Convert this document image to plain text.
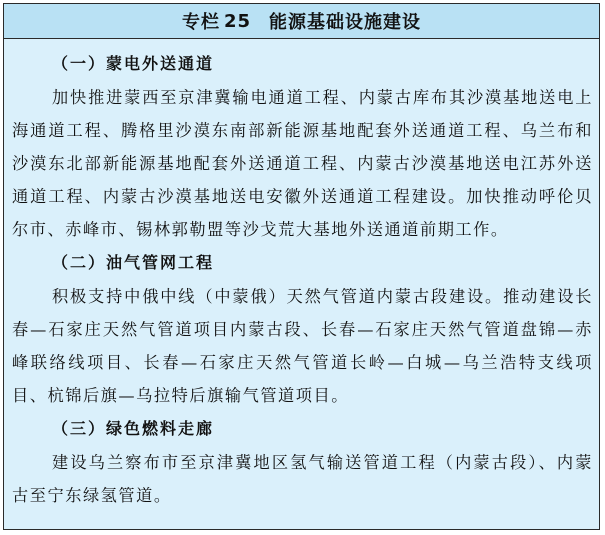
专栏 25 能源基础设施建设
（一）蒙电外送通道

加快推进蒙西至京津冀输电通道工程、内蒙古库布其沙漠基地送电上海通道工程、腾格里沙漠东南部新能源基地配套外送通道工程、乌兰布和沙漠东北部新能源基地配套外送通道工程、内蒙古沙漠基地送电江苏外送通道工程、内蒙古沙漠基地送电安徽外送通道工程建设。加快推动呼伦贝尔市、赤峰市、锡林郭勒盟等沙戈荒大基地外送通道前期工作。

（二）油气管网工程

积极支持中俄中线（中蒙俄）天然气管道内蒙古段建设。推动建设长春—石家庄天然气管道项目内蒙古段、长春—石家庄天然气管道盘锦—赤峰联络线项目、长春—石家庄天然气管道长岭—白城—乌兰浩特支线项目、杭锦后旗—乌拉特后旗输气管道项目。

（三）绿色燃料走廊

建设乌兰察布市至京津冀地区氢气输送管道工程（内蒙古段）、内蒙古至宁东绿氢管道。
